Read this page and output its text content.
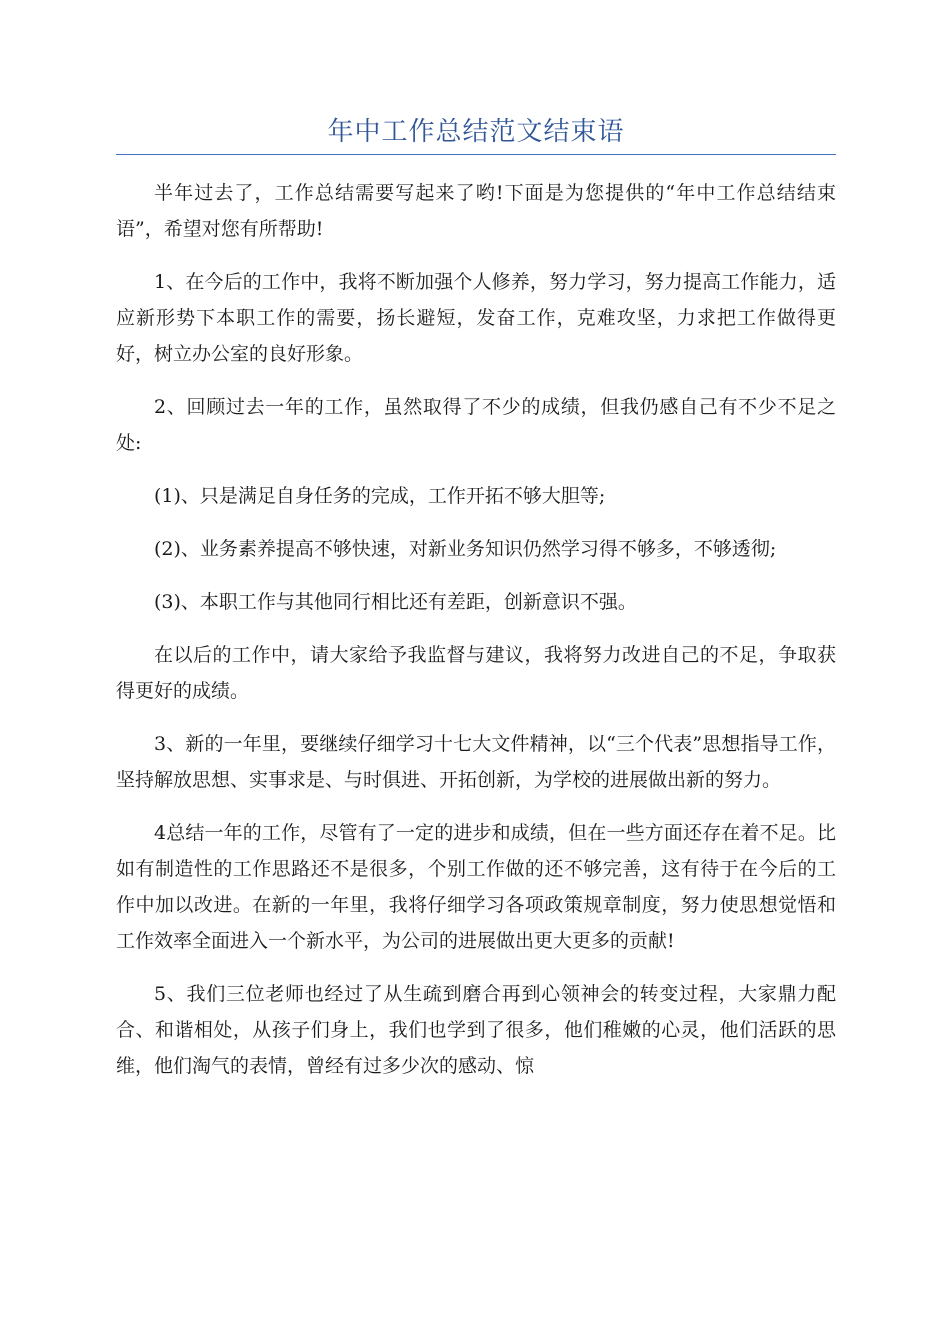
年中工作总结范文结束语

半年过去了，工作总结需要写起来了哟!下面是为您提供的“年中工作总结结束语”，希望对您有所帮助!

1、在今后的工作中，我将不断加强个人修养，努力学习，努力提高工作能力，适应新形势下本职工作的需要，扬长避短，发奋工作，克难攻坚，力求把工作做得更好，树立办公室的良好形象。

2、回顾过去一年的工作，虽然取得了不少的成绩，但我仍感自己有不少不足之处:

(1)、只是满足自身任务的完成，工作开拓不够大胆等;

(2)、业务素养提高不够快速，对新业务知识仍然学习得不够多，不够透彻;

(3)、本职工作与其他同行相比还有差距，创新意识不强。

在以后的工作中，请大家给予我监督与建议，我将努力改进自己的不足，争取获得更好的成绩。

3、新的一年里，要继续仔细学习十七大文件精神，以“三个代表”思想指导工作，坚持解放思想、实事求是、与时俱进、开拓创新，为学校的进展做出新的努力。

4总结一年的工作，尽管有了一定的进步和成绩，但在一些方面还存在着不足。比如有制造性的工作思路还不是很多，个别工作做的还不够完善，这有待于在今后的工作中加以改进。在新的一年里，我将仔细学习各项政策规章制度，努力使思想觉悟和工作效率全面进入一个新水平，为公司的进展做出更大更多的贡献!

5、我们三位老师也经过了从生疏到磨合再到心领神会的转变过程，大家鼎力配合、和谐相处，从孩子们身上，我们也学到了很多，他们稚嫩的心灵，他们活跃的思维，他们淘气的表情，曾经有过多少次的感动、惊
